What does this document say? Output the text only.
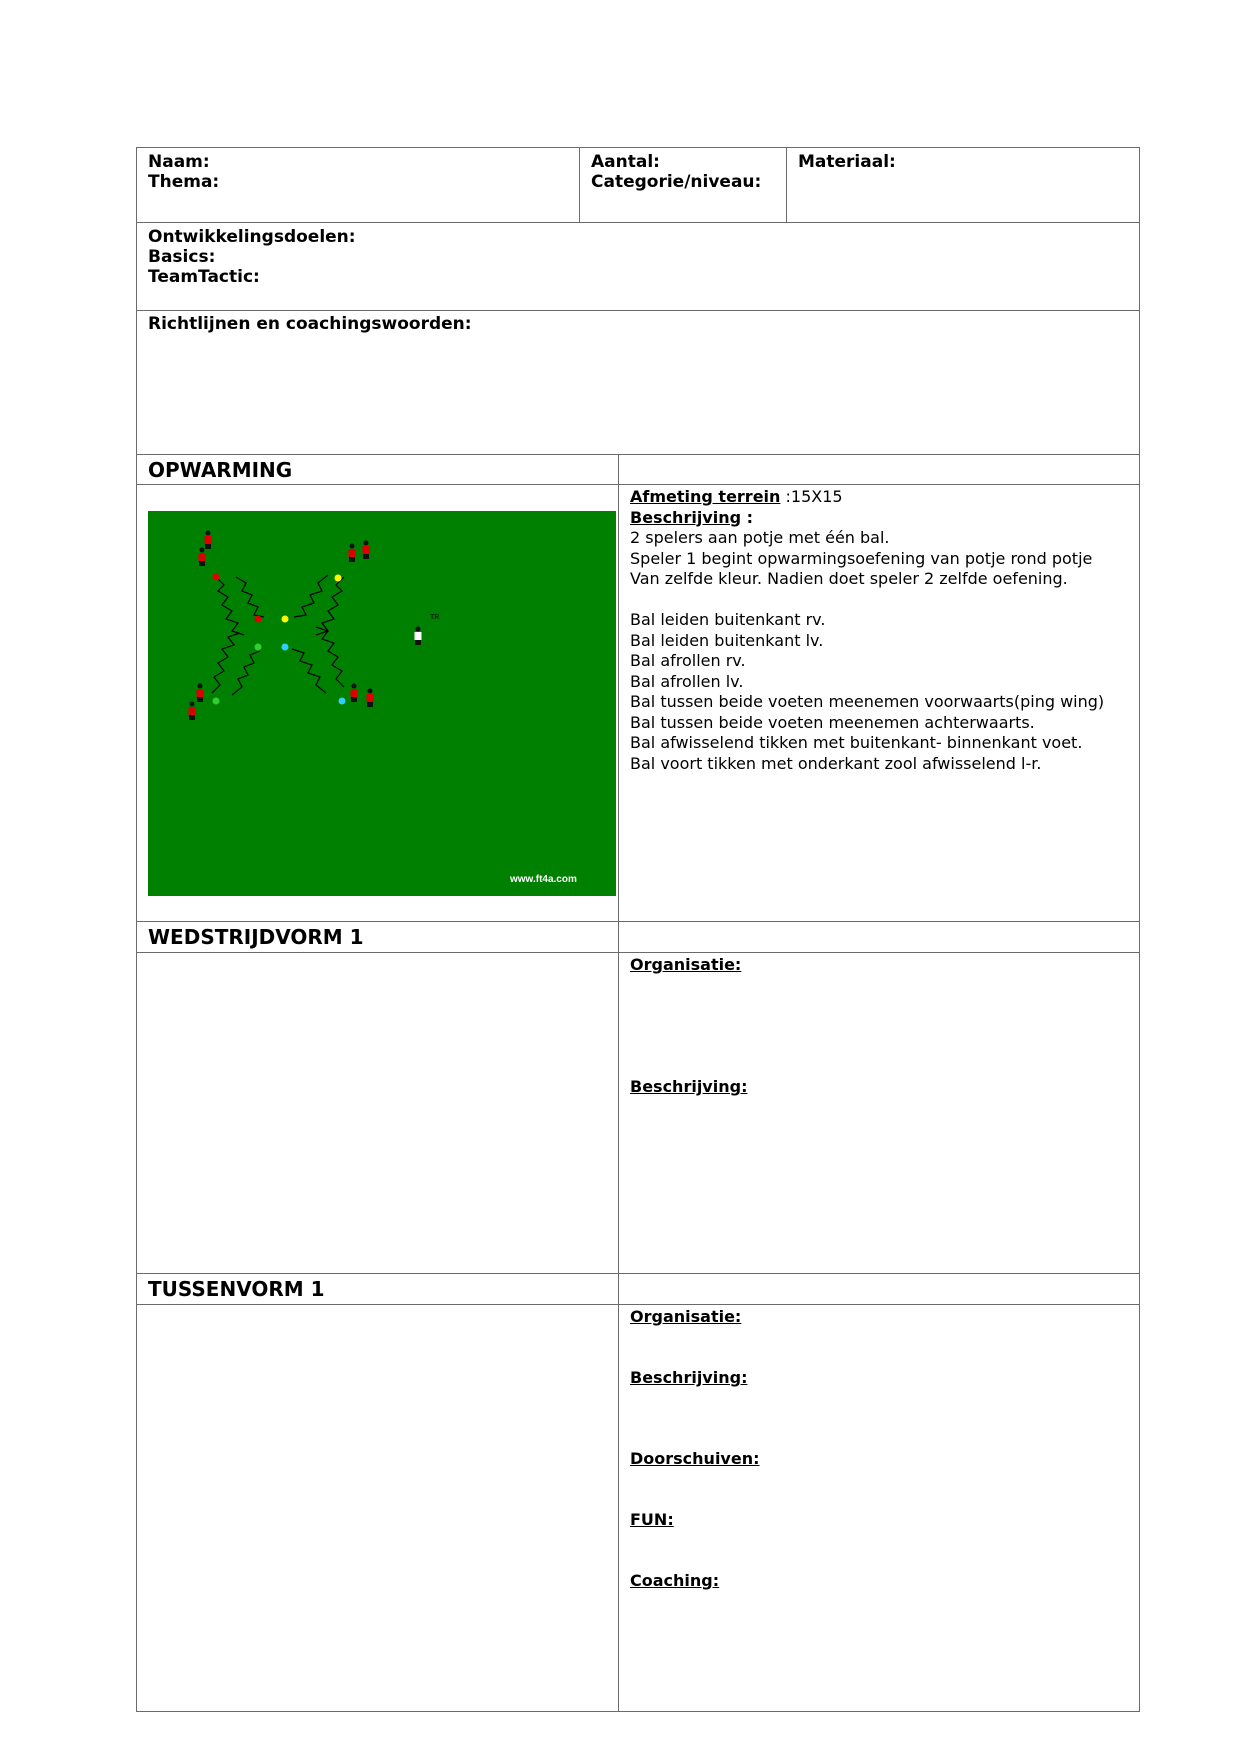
Naam:
Thema:
Aantal:
Categorie/niveau:
Materiaal:
Ontwikkelingsdoelen:
Basics:
TeamTactic:
Richtlijnen en coachingswoorden:
OPWARMING
TR
www.ft4a.com
Afmeting terrein :15X15
Beschrijving :
2 spelers aan potje met één bal.
Speler 1 begint opwarmingsoefening van potje rond potje
Van zelfde kleur. Nadien doet speler 2 zelfde oefening.
Bal leiden buitenkant rv.
Bal leiden buitenkant lv.
Bal afrollen rv.
Bal afrollen lv.
Bal tussen beide voeten meenemen voorwaarts(ping wing)
Bal tussen beide voeten meenemen achterwaarts.
Bal afwisselend tikken met buitenkant- binnenkant voet.
Bal voort tikken met onderkant zool afwisselend l-r.
WEDSTRIJDVORM 1
Organisatie:
Beschrijving:
TUSSENVORM 1
Organisatie:
Beschrijving:
Doorschuiven:
FUN:
Coaching:
